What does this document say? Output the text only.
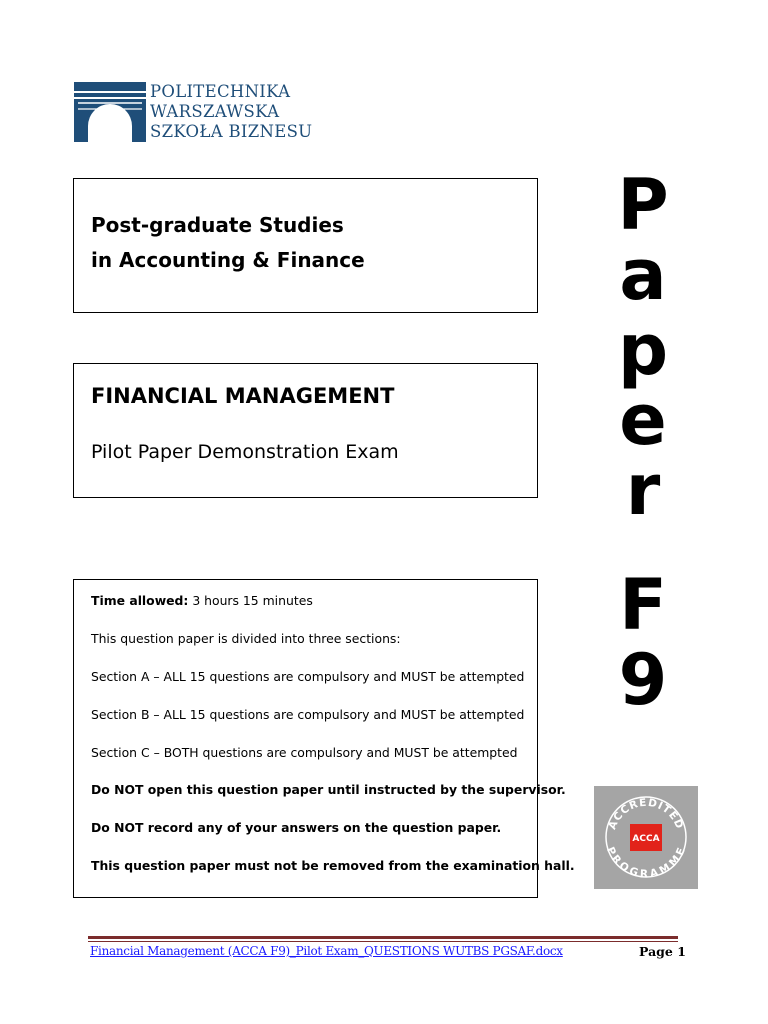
POLITECHNIKA
WARSZAWSKA
SZKOŁA BIZNESU
Post-graduate Studies
in Accounting & Finance
FINANCIAL MANAGEMENT
Pilot Paper Demonstration Exam
Time allowed: 3 hours 15 minutes
This question paper is divided into three sections:
Section A – ALL 15 questions are compulsory and MUST be attempted
Section B – ALL 15 questions are compulsory and MUST be attempted
Section C – BOTH questions are compulsory and MUST be attempted
Do NOT open this question paper until instructed by the supervisor.
Do NOT record any of your answers on the question paper.
This question paper must not be removed from the examination hall.
P
a
p
e
r
F
9
ACCREDITED
PROGRAMME
ACCA
Financial Management (ACCA F9)_Pilot Exam_QUESTIONS WUTBS PGSAF.docx	Page 1
